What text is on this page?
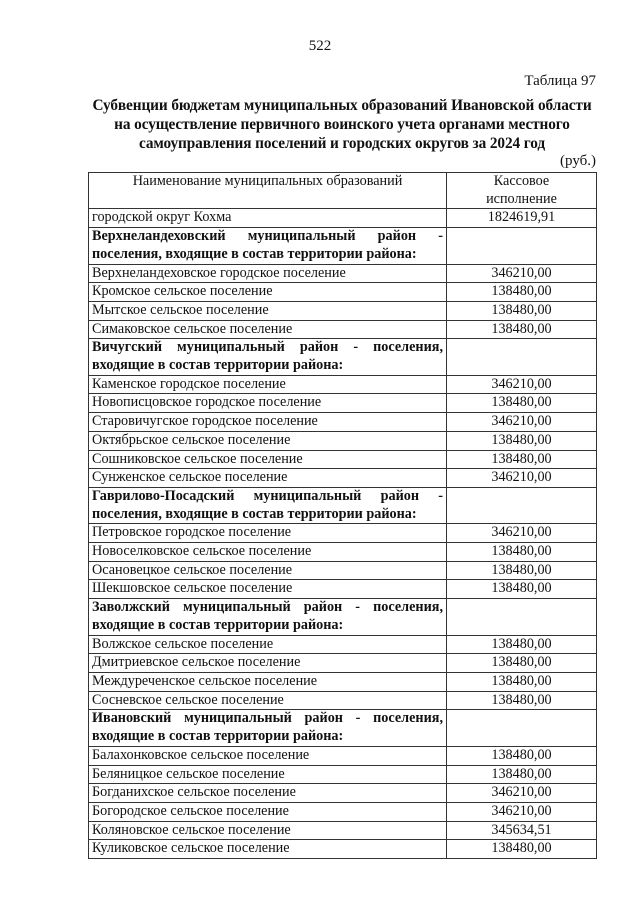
522
Таблица 97
Субвенции бюджетам муниципальных образований Ивановской области
на осуществление первичного воинского учета органами местного
самоуправления поселений и городских округов за 2024 год
(руб.)
Наименование муниципальных образований	Кассовое
исполнение

городской округ Кохма	1824619,91
Верхнеландеховский муниципальный район - поселения, входящие в состав территории района:	
Верхнеландеховское городское поселение	346210,00
Кромское сельское поселение	138480,00
Мытское сельское поселение	138480,00
Симаковское сельское поселение	138480,00
Вичугский муниципальный район - поселения, входящие в состав территории района:	
Каменское городское поселение	346210,00
Новописцовское городское поселение	138480,00
Старовичугское городское поселение	346210,00
Октябрьское сельское поселение	138480,00
Сошниковское сельское поселение	138480,00
Сунженское сельское поселение	346210,00
Гаврилово-Посадский муниципальный район - поселения, входящие в состав территории района:	
Петровское городское поселение	346210,00
Новоселковское сельское поселение	138480,00
Осановецкое сельское поселение	138480,00
Шекшовское сельское поселение	138480,00
Заволжский муниципальный район - поселения, входящие в состав территории района:	
Волжское сельское поселение	138480,00
Дмитриевское сельское поселение	138480,00
Междуреченское сельское поселение	138480,00
Сосневское сельское поселение	138480,00
Ивановский муниципальный район - поселения, входящие в состав территории района:	
Балахонковское сельское поселение	138480,00
Беляницкое сельское поселение	138480,00
Богданихское сельское поселение	346210,00
Богородское сельское поселение	346210,00
Коляновское сельское поселение	345634,51
Куликовское сельское поселение	138480,00
